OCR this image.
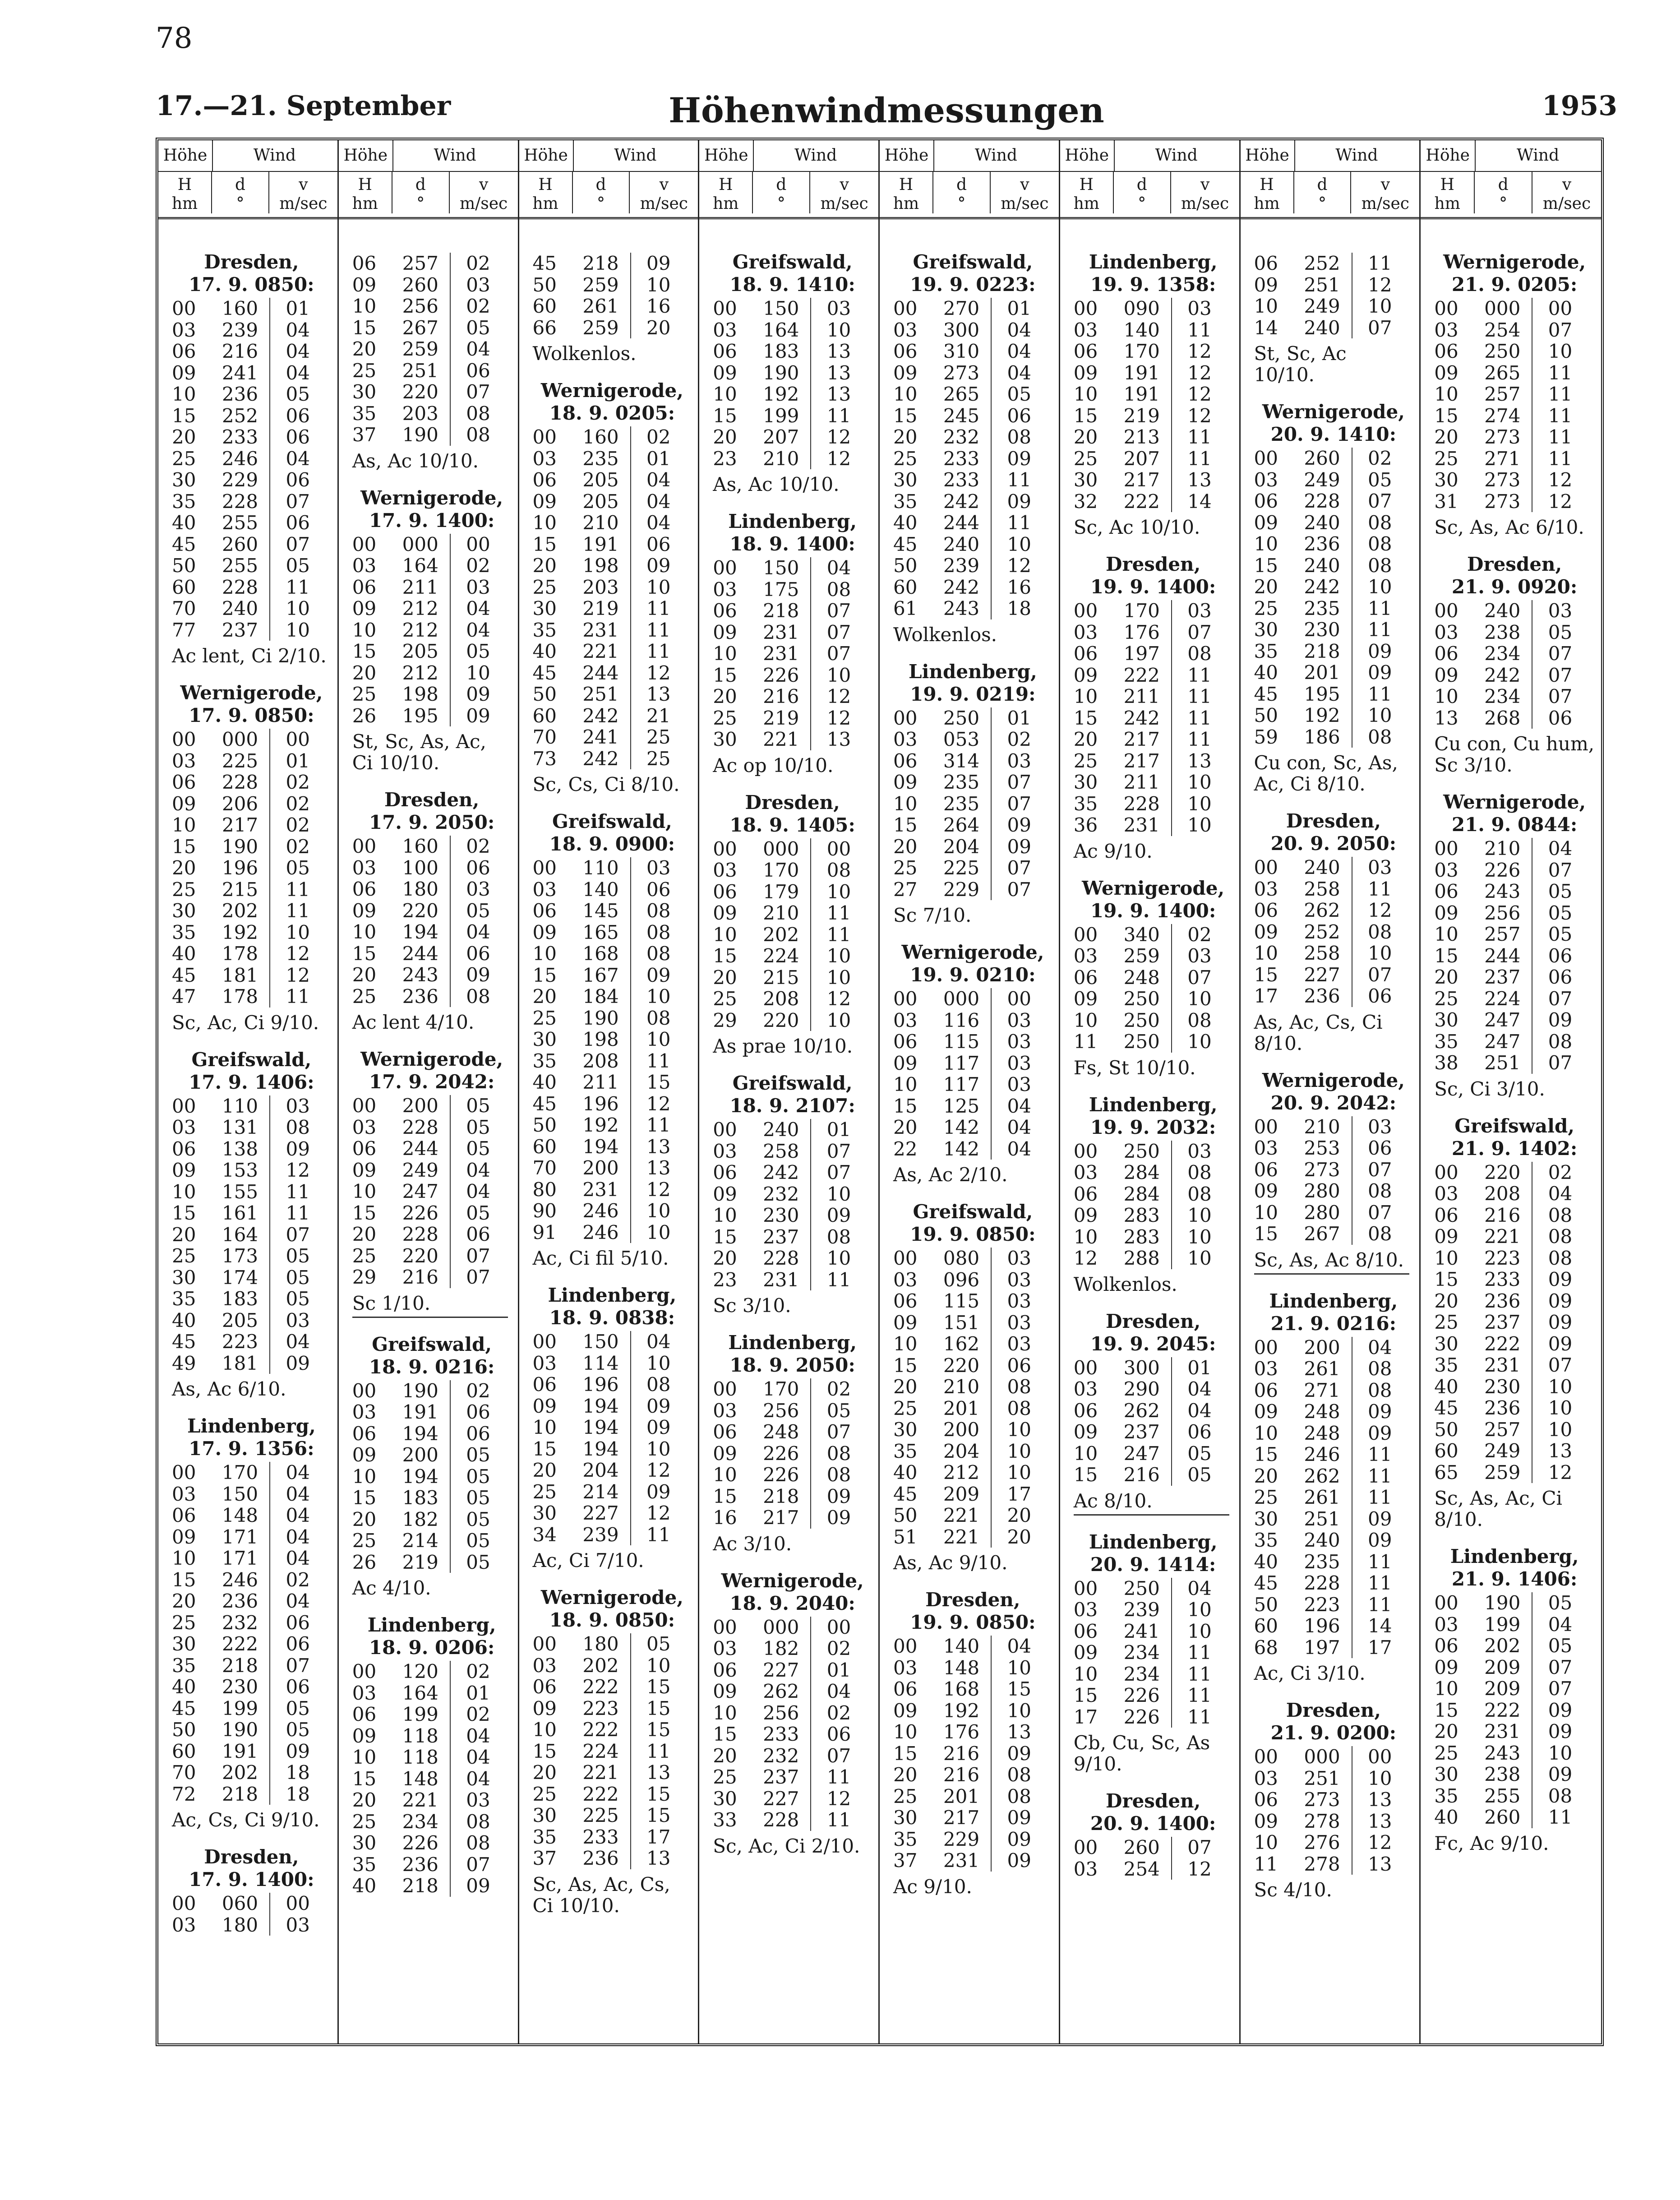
78
17.—21. September	Höhenwindmessungen	1953
Höhe	Wind
H
hm
d
°
v
m/sec
Dresden,
17. 9. 0850:
00	160	01
03	239	04
06	216	04
09	241	04
10	236	05
15	252	06
20	233	06
25	246	04
30	229	06
35	228	07
40	255	06
45	260	07
50	255	05
60	228	11
70	240	10
77	237	10
Ac lent, Ci 2/10.
Wernigerode,
17. 9. 0850:
00	000	00
03	225	01
06	228	02
09	206	02
10	217	02
15	190	02
20	196	05
25	215	11
30	202	11
35	192	10
40	178	12
45	181	12
47	178	11
Sc, Ac, Ci 9/10.
Greifswald,
17. 9. 1406:
00	110	03
03	131	08
06	138	09
09	153	12
10	155	11
15	161	11
20	164	07
25	173	05
30	174	05
35	183	05
40	205	03
45	223	04
49	181	09
As, Ac 6/10.
Lindenberg,
17. 9. 1356:
00	170	04
03	150	04
06	148	04
09	171	04
10	171	04
15	246	02
20	236	04
25	232	06
30	222	06
35	218	07
40	230	06
45	199	05
50	190	05
60	191	09
70	202	18
72	218	18
Ac, Cs, Ci 9/10.
Dresden,
17. 9. 1400:
00	060	00
03	180	03
Höhe	Wind
H
hm
d
°
v
m/sec
06	257	02
09	260	03
10	256	02
15	267	05
20	259	04
25	251	06
30	220	07
35	203	08
37	190	08
As, Ac 10/10.
Wernigerode,
17. 9. 1400:
00	000	00
03	164	02
06	211	03
09	212	04
10	212	04
15	205	05
20	212	10
25	198	09
26	195	09
St, Sc, As, Ac, Ci 10/10.
Dresden,
17. 9. 2050:
00	160	02
03	100	06
06	180	03
09	220	05
10	194	04
15	244	06
20	243	09
25	236	08
Ac lent 4/10.
Wernigerode,
17. 9. 2042:
00	200	05
03	228	05
06	244	05
09	249	04
10	247	04
15	226	05
20	228	06
25	220	07
29	216	07
Sc 1/10.
Greifswald,
18. 9. 0216:
00	190	02
03	191	06
06	194	06
09	200	05
10	194	05
15	183	05
20	182	05
25	214	05
26	219	05
Ac 4/10.
Lindenberg,
18. 9. 0206:
00	120	02
03	164	01
06	199	02
09	118	04
10	118	04
15	148	04
20	221	03
25	234	08
30	226	08
35	236	07
40	218	09
Höhe	Wind
H
hm
d
°
v
m/sec
45	218	09
50	259	10
60	261	16
66	259	20
Wolkenlos.
Wernigerode,
18. 9. 0205:
00	160	02
03	235	01
06	205	04
09	205	04
10	210	04
15	191	06
20	198	09
25	203	10
30	219	11
35	231	11
40	221	11
45	244	12
50	251	13
60	242	21
70	241	25
73	242	25
Sc, Cs, Ci 8/10.
Greifswald,
18. 9. 0900:
00	110	03
03	140	06
06	145	08
09	165	08
10	168	08
15	167	09
20	184	10
25	190	08
30	198	10
35	208	11
40	211	15
45	196	12
50	192	11
60	194	13
70	200	13
80	231	12
90	246	10
91	246	10
Ac, Ci fil 5/10.
Lindenberg,
18. 9. 0838:
00	150	04
03	114	10
06	196	08
09	194	09
10	194	09
15	194	10
20	204	12
25	214	09
30	227	12
34	239	11
Ac, Ci 7/10.
Wernigerode,
18. 9. 0850:
00	180	05
03	202	10
06	222	15
09	223	15
10	222	15
15	224	11
20	221	13
25	222	15
30	225	15
35	233	17
37	236	13
Sc, As, Ac, Cs, Ci 10/10.
Höhe	Wind
H
hm
d
°
v
m/sec
Greifswald,
18. 9. 1410:
00	150	03
03	164	10
06	183	13
09	190	13
10	192	13
15	199	11
20	207	12
23	210	12
As, Ac 10/10.
Lindenberg,
18. 9. 1400:
00	150	04
03	175	08
06	218	07
09	231	07
10	231	07
15	226	10
20	216	12
25	219	12
30	221	13
Ac op 10/10.
Dresden,
18. 9. 1405:
00	000	00
03	170	08
06	179	10
09	210	11
10	202	11
15	224	10
20	215	10
25	208	12
29	220	10
As prae 10/10.
Greifswald,
18. 9. 2107:
00	240	01
03	258	07
06	242	07
09	232	10
10	230	09
15	237	08
20	228	10
23	231	11
Sc 3/10.
Lindenberg,
18. 9. 2050:
00	170	02
03	256	05
06	248	07
09	226	08
10	226	08
15	218	09
16	217	09
Ac 3/10.
Wernigerode,
18. 9. 2040:
00	000	00
03	182	02
06	227	01
09	262	04
10	256	02
15	233	06
20	232	07
25	237	11
30	227	12
33	228	11
Sc, Ac, Ci 2/10.
Höhe	Wind
H
hm
d
°
v
m/sec
Greifswald,
19. 9. 0223:
00	270	01
03	300	04
06	310	04
09	273	04
10	265	05
15	245	06
20	232	08
25	233	09
30	233	11
35	242	09
40	244	11
45	240	10
50	239	12
60	242	16
61	243	18
Wolkenlos.
Lindenberg,
19. 9. 0219:
00	250	01
03	053	02
06	314	03
09	235	07
10	235	07
15	264	09
20	204	09
25	225	07
27	229	07
Sc 7/10.
Wernigerode,
19. 9. 0210:
00	000	00
03	116	03
06	115	03
09	117	03
10	117	03
15	125	04
20	142	04
22	142	04
As, Ac 2/10.
Greifswald,
19. 9. 0850:
00	080	03
03	096	03
06	115	03
09	151	03
10	162	03
15	220	06
20	210	08
25	201	08
30	200	10
35	204	10
40	212	10
45	209	17
50	221	20
51	221	20
As, Ac 9/10.
Dresden,
19. 9. 0850:
00	140	04
03	148	10
06	168	15
09	192	10
10	176	13
15	216	09
20	216	08
25	201	08
30	217	09
35	229	09
37	231	09
Ac 9/10.
Höhe	Wind
H
hm
d
°
v
m/sec
Lindenberg,
19. 9. 1358:
00	090	03
03	140	11
06	170	12
09	191	12
10	191	12
15	219	12
20	213	11
25	207	11
30	217	13
32	222	14
Sc, Ac 10/10.
Dresden,
19. 9. 1400:
00	170	03
03	176	07
06	197	08
09	222	11
10	211	11
15	242	11
20	217	11
25	217	13
30	211	10
35	228	10
36	231	10
Ac 9/10.
Wernigerode,
19. 9. 1400:
00	340	02
03	259	03
06	248	07
09	250	10
10	250	08
11	250	10
Fs, St 10/10.
Lindenberg,
19. 9. 2032:
00	250	03
03	284	08
06	284	08
09	283	10
10	283	10
12	288	10
Wolkenlos.
Dresden,
19. 9. 2045:
00	300	01
03	290	04
06	262	04
09	237	06
10	247	05
15	216	05
Ac 8/10.
Lindenberg,
20. 9. 1414:
00	250	04
03	239	10
06	241	10
09	234	11
10	234	11
15	226	11
17	226	11
Cb, Cu, Sc, As 9/10.
Dresden,
20. 9. 1400:
00	260	07
03	254	12
Höhe	Wind
H
hm
d
°
v
m/sec
06	252	11
09	251	12
10	249	10
14	240	07
St, Sc, Ac 10/10.
Wernigerode,
20. 9. 1410:
00	260	02
03	249	05
06	228	07
09	240	08
10	236	08
15	240	08
20	242	10
25	235	11
30	230	11
35	218	09
40	201	09
45	195	11
50	192	10
59	186	08
Cu con, Sc, As, Ac, Ci 8/10.
Dresden,
20. 9. 2050:
00	240	03
03	258	11
06	262	12
09	252	08
10	258	10
15	227	07
17	236	06
As, Ac, Cs, Ci 8/10.
Wernigerode,
20. 9. 2042:
00	210	03
03	253	06
06	273	07
09	280	08
10	280	07
15	267	08
Sc, As, Ac 8/10.
Lindenberg,
21. 9. 0216:
00	200	04
03	261	08
06	271	08
09	248	09
10	248	09
15	246	11
20	262	11
25	261	11
30	251	09
35	240	09
40	235	11
45	228	11
50	223	11
60	196	14
68	197	17
Ac, Ci 3/10.
Dresden,
21. 9. 0200:
00	000	00
03	251	10
06	273	13
09	278	13
10	276	12
11	278	13
Sc 4/10.
Höhe	Wind
H
hm
d
°
v
m/sec
Wernigerode,
21. 9. 0205:
00	000	00
03	254	07
06	250	10
09	265	11
10	257	11
15	274	11
20	273	11
25	271	11
30	273	12
31	273	12
Sc, As, Ac 6/10.
Dresden,
21. 9. 0920:
00	240	03
03	238	05
06	234	07
09	242	07
10	234	07
13	268	06
Cu con, Cu hum, Sc 3/10.
Wernigerode,
21. 9. 0844:
00	210	04
03	226	07
06	243	05
09	256	05
10	257	05
15	244	06
20	237	06
25	224	07
30	247	09
35	247	08
38	251	07
Sc, Ci 3/10.
Greifswald,
21. 9. 1402:
00	220	02
03	208	04
06	216	08
09	221	08
10	223	08
15	233	09
20	236	09
25	237	09
30	222	09
35	231	07
40	230	10
45	236	10
50	257	10
60	249	13
65	259	12
Sc, As, Ac, Ci 8/10.
Lindenberg,
21. 9. 1406:
00	190	05
03	199	04
06	202	05
09	209	07
10	209	07
15	222	09
20	231	09
25	243	10
30	238	09
35	255	08
40	260	11
Fc, Ac 9/10.
